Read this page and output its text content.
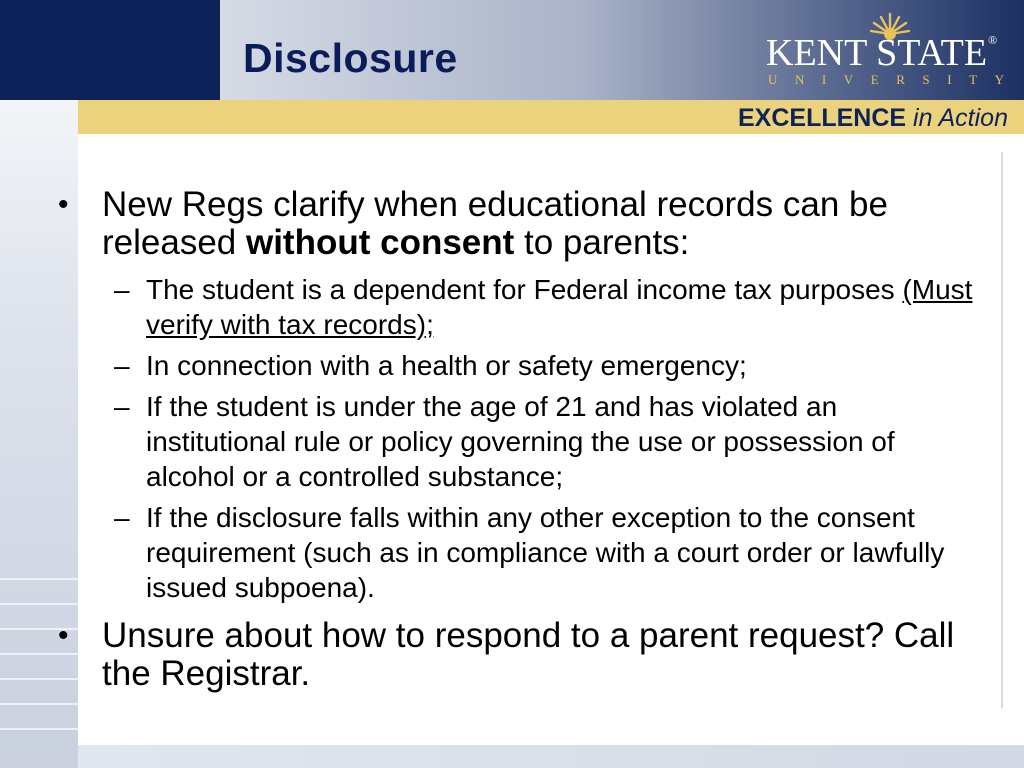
Disclosure	KENT STATE®
U N I V E R S I T Y
EXCELLENCE in Action
• New Regs clarify when educational records can be released without consent to parents:
– The student is a dependent for Federal income tax purposes (Must verify with tax records);
– In connection with a health or safety emergency;
– If the student is under the age of 21 and has violated an institutional rule or policy governing the use or possession of alcohol or a controlled substance;
– If the disclosure falls within any other exception to the consent requirement (such as in compliance with a court order or lawfully issued subpoena).
• Unsure about how to respond to a parent request? Call the Registrar.
